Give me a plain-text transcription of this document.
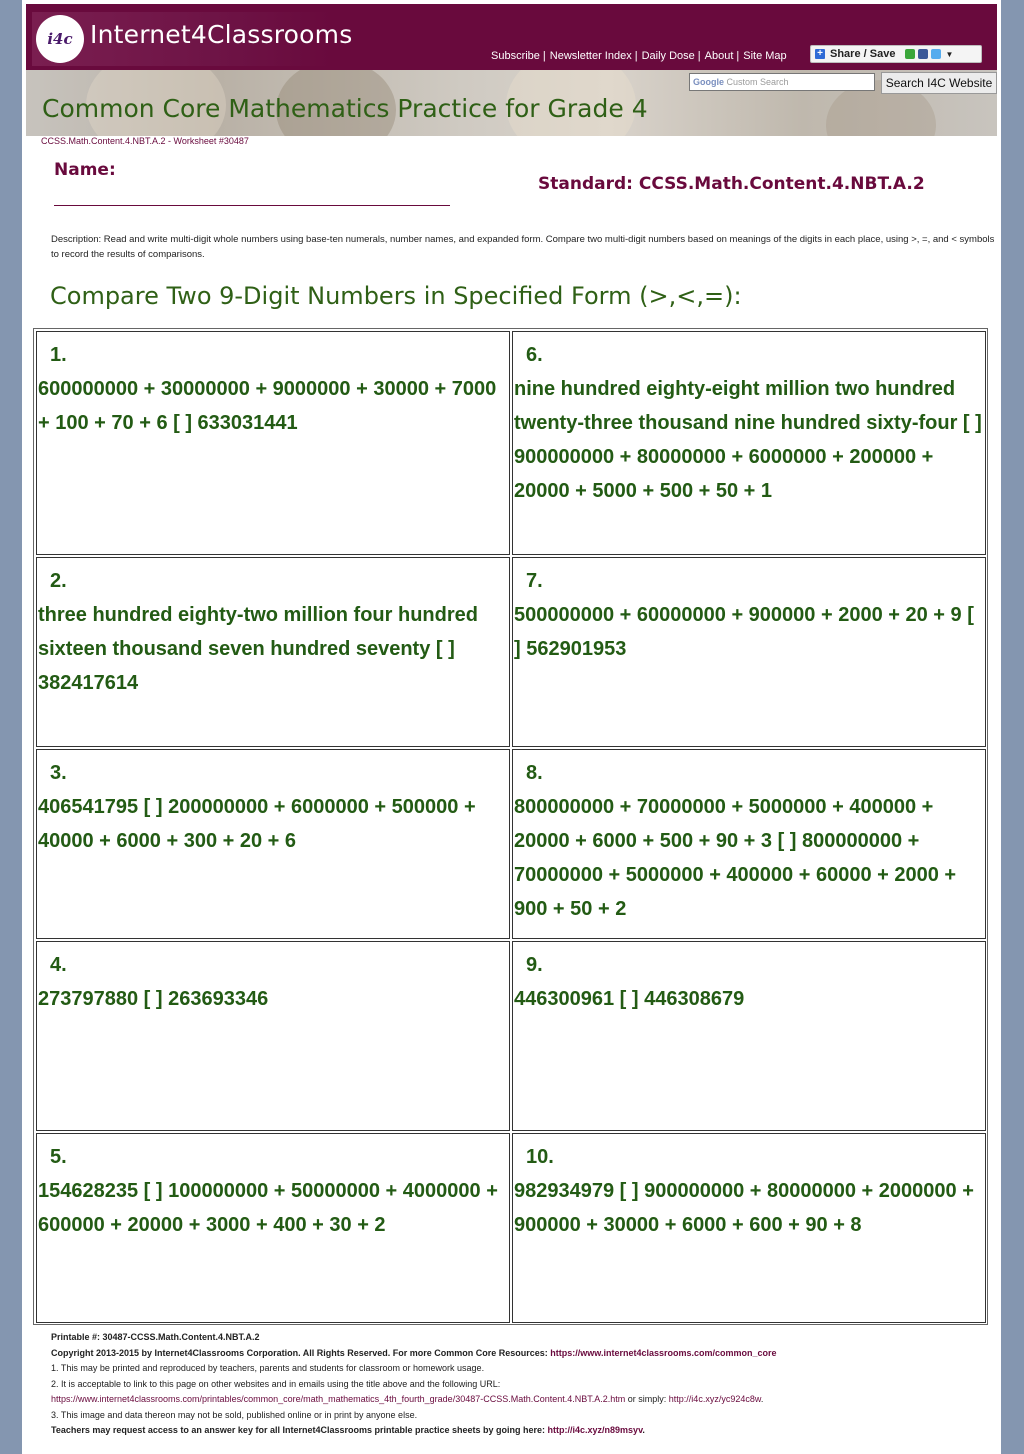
i4c Internet4Classrooms
Subscribe | Newsletter Index | Daily Dose | About | Site Map	+ Share / Save	▼
Google Custom Search	Search I4C Website
Common Core Mathematics Practice for Grade 4
CCSS.Math.Content.4.NBT.A.2 - Worksheet #30487
Name:
Standard: CCSS.Math.Content.4.NBT.A.2
Description: Read and write multi-digit whole numbers using base-ten numerals, number names, and expanded form. Compare two multi-digit numbers based on meanings of the digits in each place, using >, =, and < symbols to record the results of comparisons.
Compare Two 9-Digit Numbers in Specified Form (>,<,=):
1.
600000000 + 30000000 + 9000000 + 30000 + 7000 + 100 + 70 + 6 [ ] 633031441
2.
three hundred eighty-two million four hundred sixteen thousand seven hundred seventy [ ] 382417614
3.
406541795 [ ] 200000000 + 6000000 + 500000 + 40000 + 6000 + 300 + 20 + 6
4.
273797880 [ ] 263693346
5.
154628235 [ ] 100000000 + 50000000 + 4000000 + 600000 + 20000 + 3000 + 400 + 30 + 2
6.
nine hundred eighty-eight million two hundred twenty-three thousand nine hundred sixty-four [ ] 900000000 + 80000000 + 6000000 + 200000 + 20000 + 5000 + 500 + 50 + 1
7.
500000000 + 60000000 + 900000 + 2000 + 20 + 9 [ ] 562901953
8.
800000000 + 70000000 + 5000000 + 400000 + 20000 + 6000 + 500 + 90 + 3 [ ] 800000000 + 70000000 + 5000000 + 400000 + 60000 + 2000 + 900 + 50 + 2
9.
446300961 [ ] 446308679
10.
982934979 [ ] 900000000 + 80000000 + 2000000 + 900000 + 30000 + 6000 + 600 + 90 + 8
Printable #: 30487-CCSS.Math.Content.4.NBT.A.2
Copyright 2013-2015 by Internet4Classrooms Corporation. All Rights Reserved. For more Common Core Resources: https://www.internet4classrooms.com/common_core
1. This may be printed and reproduced by teachers, parents and students for classroom or homework usage.
2. It is acceptable to link to this page on other websites and in emails using the title above and the following URL:
https://www.internet4classrooms.com/printables/common_core/math_mathematics_4th_fourth_grade/30487-CCSS.Math.Content.4.NBT.A.2.htm or simply: http://i4c.xyz/yc924c8w.
3. This image and data thereon may not be sold, published online or in print by anyone else.
Teachers may request access to an answer key for all Internet4Classrooms printable practice sheets by going here: http://i4c.xyz/n89msyv.
